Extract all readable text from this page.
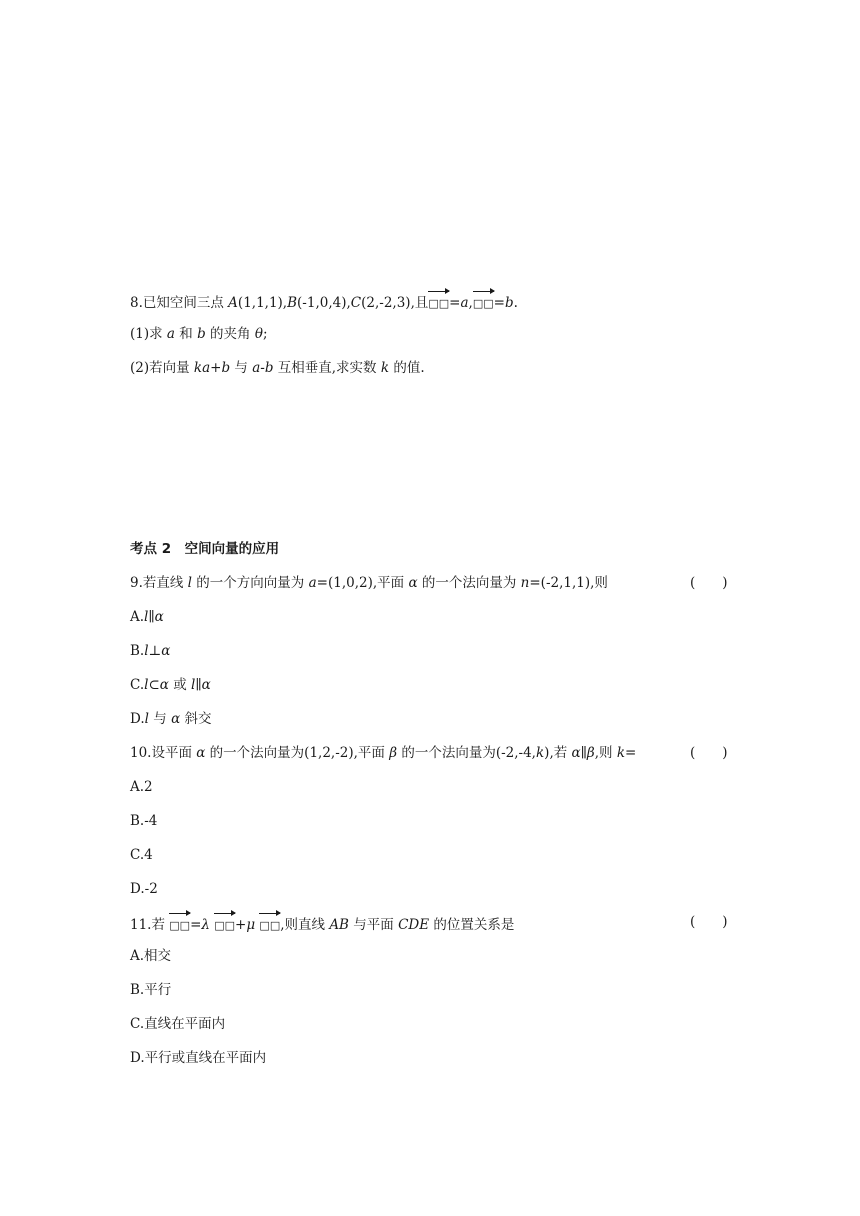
8.已知空间三点 A(1,1,1),B(-1,0,4),C(2,-2,3),且
□□=a,
□□=b.
(1)求 a 和 b 的夹角 θ;
(2)若向量 ka+b 与 a-b 互相垂直,求实数 k 的值.
考点 2　空间向量的应用
9.若直线 l 的一个方向向量为 a=(1,0,2),平面 α 的一个法向量为 n=(-2,1,1),则	(　　)
A.l∥α
B.l⊥α
C.l⊂α 或 l∥α
D.l 与 α 斜交
10.设平面 α 的一个法向量为(1,2,-2),平面 β 的一个法向量为(-2,-4,k),若 α∥β,则 k=	(　　)
A.2
B.-4
C.4
D.-2
11.若
□□=λ □□+μ □□,则直线 AB 与平面 CDE 的位置关系是	(　　)
A.相交
B.平行
C.直线在平面内
D.平行或直线在平面内
